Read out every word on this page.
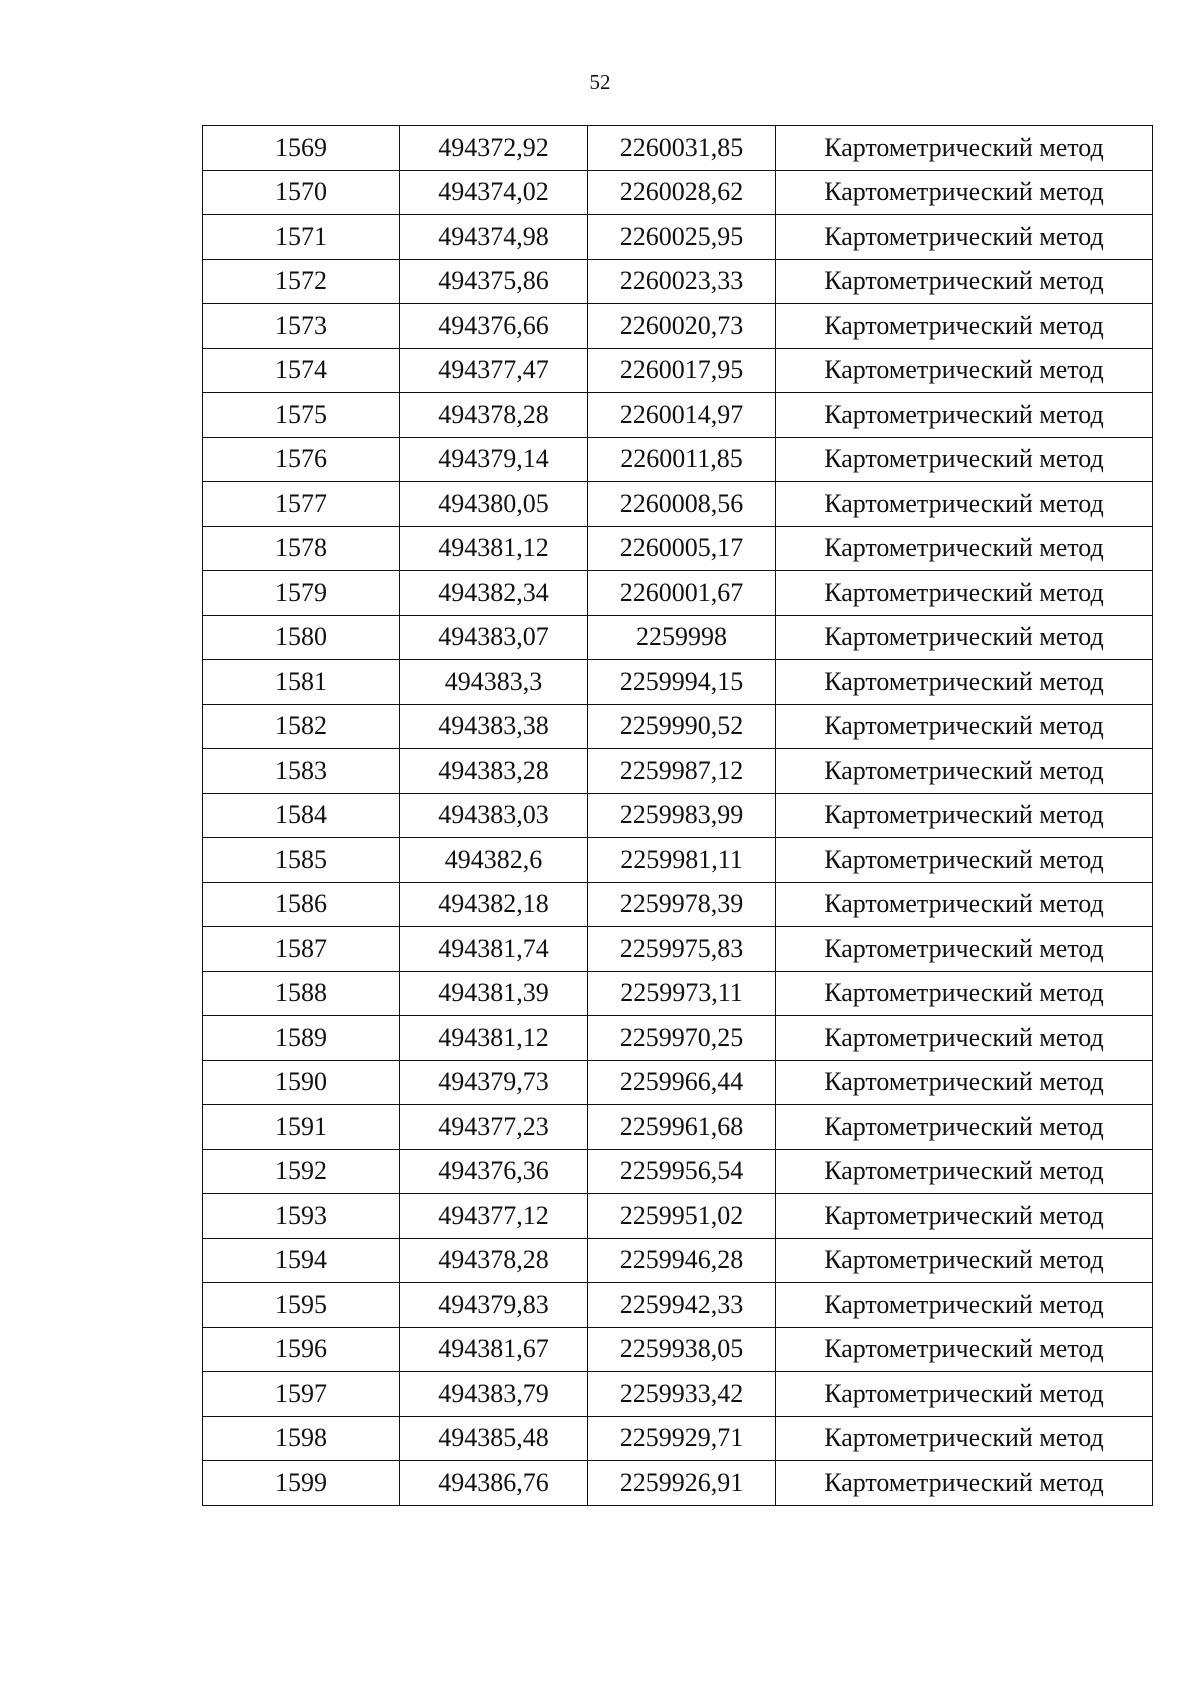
52
1569	494372,92	2260031,85	Картометрический метод
1570	494374,02	2260028,62	Картометрический метод
1571	494374,98	2260025,95	Картометрический метод
1572	494375,86	2260023,33	Картометрический метод
1573	494376,66	2260020,73	Картометрический метод
1574	494377,47	2260017,95	Картометрический метод
1575	494378,28	2260014,97	Картометрический метод
1576	494379,14	2260011,85	Картометрический метод
1577	494380,05	2260008,56	Картометрический метод
1578	494381,12	2260005,17	Картометрический метод
1579	494382,34	2260001,67	Картометрический метод
1580	494383,07	2259998	Картометрический метод
1581	494383,3	2259994,15	Картометрический метод
1582	494383,38	2259990,52	Картометрический метод
1583	494383,28	2259987,12	Картометрический метод
1584	494383,03	2259983,99	Картометрический метод
1585	494382,6	2259981,11	Картометрический метод
1586	494382,18	2259978,39	Картометрический метод
1587	494381,74	2259975,83	Картометрический метод
1588	494381,39	2259973,11	Картометрический метод
1589	494381,12	2259970,25	Картометрический метод
1590	494379,73	2259966,44	Картометрический метод
1591	494377,23	2259961,68	Картометрический метод
1592	494376,36	2259956,54	Картометрический метод
1593	494377,12	2259951,02	Картометрический метод
1594	494378,28	2259946,28	Картометрический метод
1595	494379,83	2259942,33	Картометрический метод
1596	494381,67	2259938,05	Картометрический метод
1597	494383,79	2259933,42	Картометрический метод
1598	494385,48	2259929,71	Картометрический метод
1599	494386,76	2259926,91	Картометрический метод
